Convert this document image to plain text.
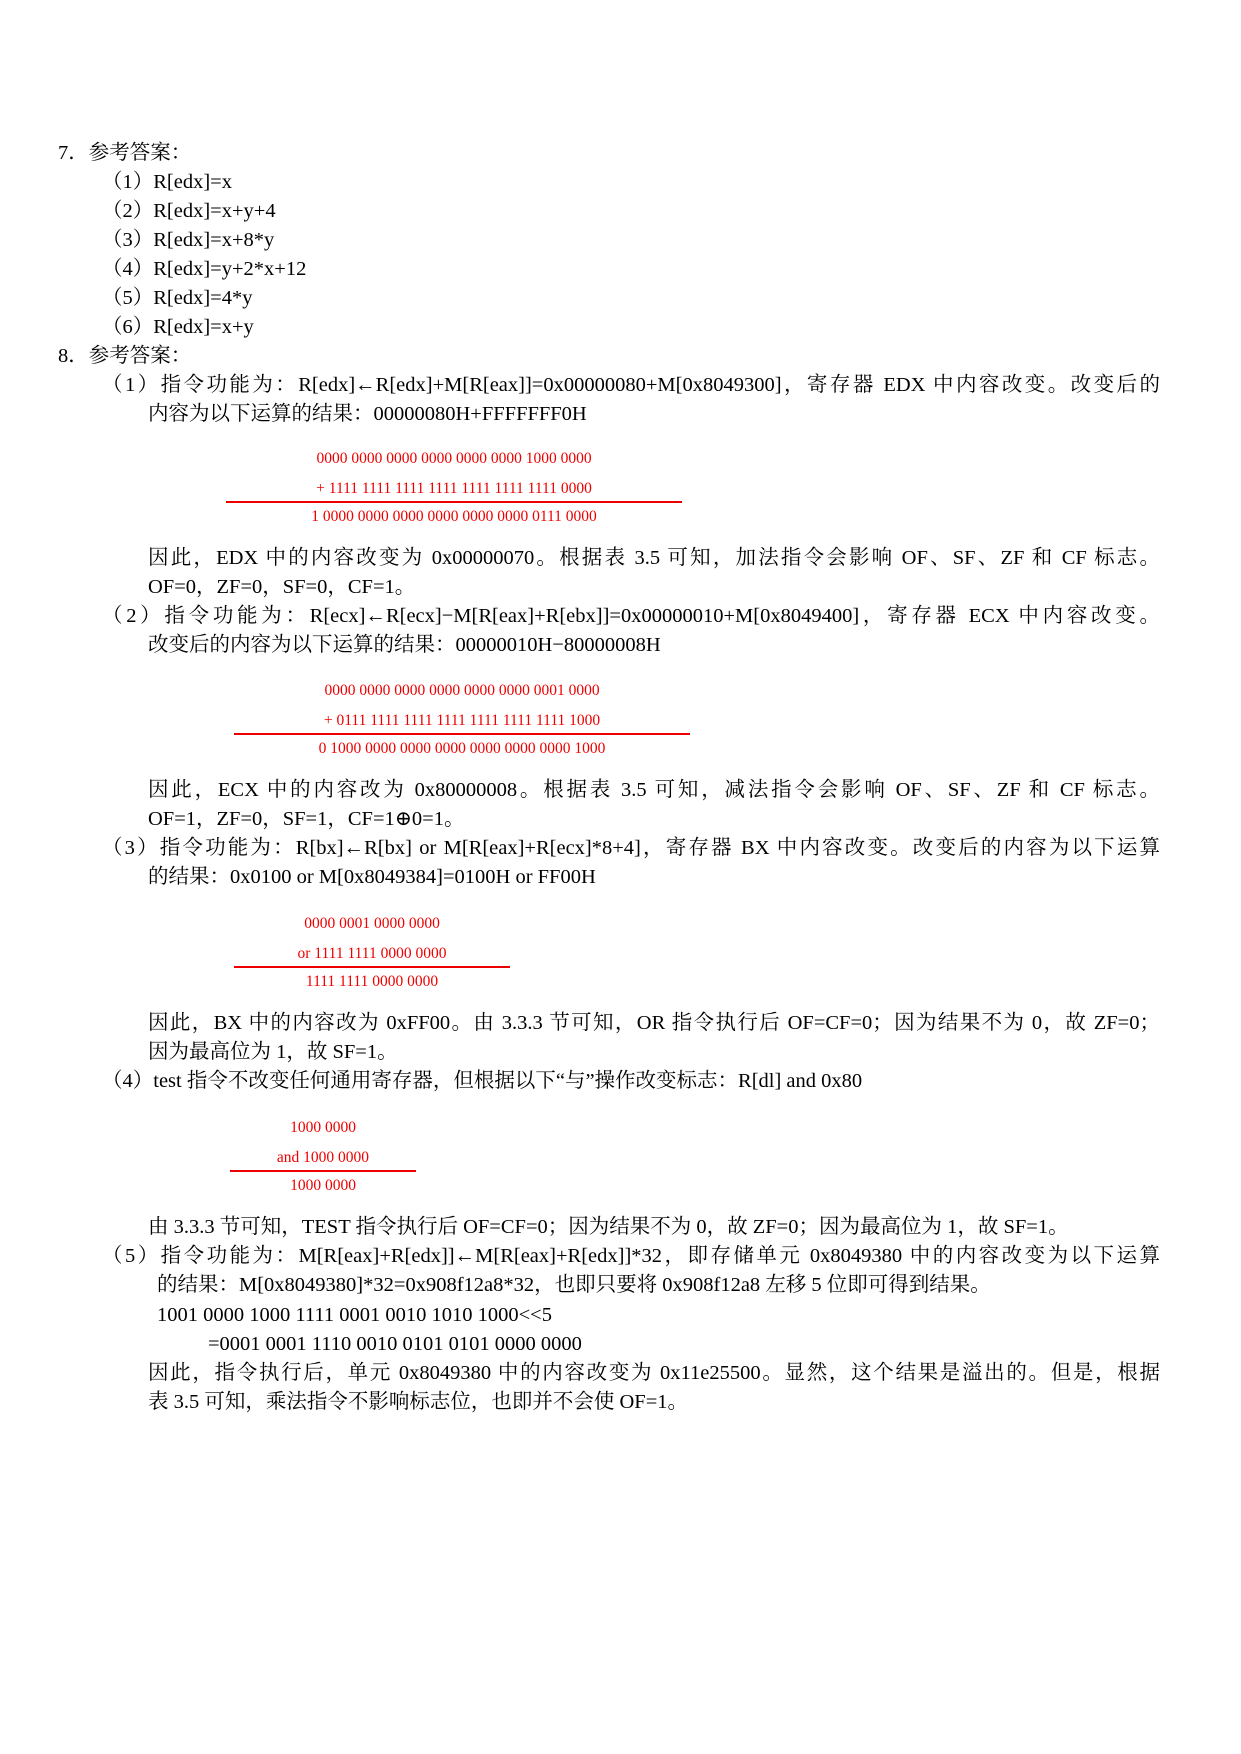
7．参考答案：
（1）R[edx]=x
（2）R[edx]=x+y+4
（3）R[edx]=x+8*y
（4）R[edx]=y+2*x+12
（5）R[edx]=4*y
（6）R[edx]=x+y
8．参考答案：
（1）指令功能为：R[edx]←R[edx]+M[R[eax]]=0x00000080+M[0x8049300]，寄存器 EDX 中内容改变。改变后的
内容为以下运算的结果：00000080H+FFFFFFF0H
0000 0000 0000 0000 0000 0000 1000 0000
+ 1111 1111 1111 1111 1111 1111 1111 0000
1 0000 0000 0000 0000 0000 0000 0111 0000
因此，EDX 中的内容改变为 0x00000070。根据表 3.5 可知，加法指令会影响 OF、SF、ZF 和 CF 标志。
OF=0，ZF=0，SF=0，CF=1。
（2）指令功能为：R[ecx]←R[ecx]−M[R[eax]+R[ebx]]=0x00000010+M[0x8049400]，寄存器 ECX 中内容改变。
改变后的内容为以下运算的结果：00000010H−80000008H
0000 0000 0000 0000 0000 0000 0001 0000
+ 0111 1111 1111 1111 1111 1111 1111 1000
0 1000 0000 0000 0000 0000 0000 0000 1000
因此，ECX 中的内容改为 0x80000008。根据表 3.5 可知，减法指令会影响 OF、SF、ZF 和 CF 标志。
OF=1，ZF=0，SF=1，CF=1⊕0=1。
（3）指令功能为：R[bx]←R[bx] or M[R[eax]+R[ecx]*8+4]，寄存器 BX 中内容改变。改变后的内容为以下运算
的结果：0x0100 or M[0x8049384]=0100H or FF00H
0000 0001 0000 0000
or 1111 1111 0000 0000
1111 1111 0000 0000
因此，BX 中的内容改为 0xFF00。由 3.3.3 节可知，OR 指令执行后 OF=CF=0；因为结果不为 0，故 ZF=0；
因为最高位为 1，故 SF=1。
（4）test 指令不改变任何通用寄存器，但根据以下“与”操作改变标志：R[dl] and 0x80
1000 0000
and 1000 0000
1000 0000
由 3.3.3 节可知，TEST 指令执行后 OF=CF=0；因为结果不为 0，故 ZF=0；因为最高位为 1，故 SF=1。
（5）指令功能为：M[R[eax]+R[edx]]←M[R[eax]+R[edx]]*32，即存储单元 0x8049380 中的内容改变为以下运算
的结果：M[0x8049380]*32=0x908f12a8*32，也即只要将 0x908f12a8 左移 5 位即可得到结果。
1001 0000 1000 1111 0001 0010 1010 1000<<5
=0001 0001 1110 0010 0101 0101 0000 0000
因此，指令执行后，单元 0x8049380 中的内容改变为 0x11e25500。显然，这个结果是溢出的。但是，根据
表 3.5 可知，乘法指令不影响标志位，也即并不会使 OF=1。
